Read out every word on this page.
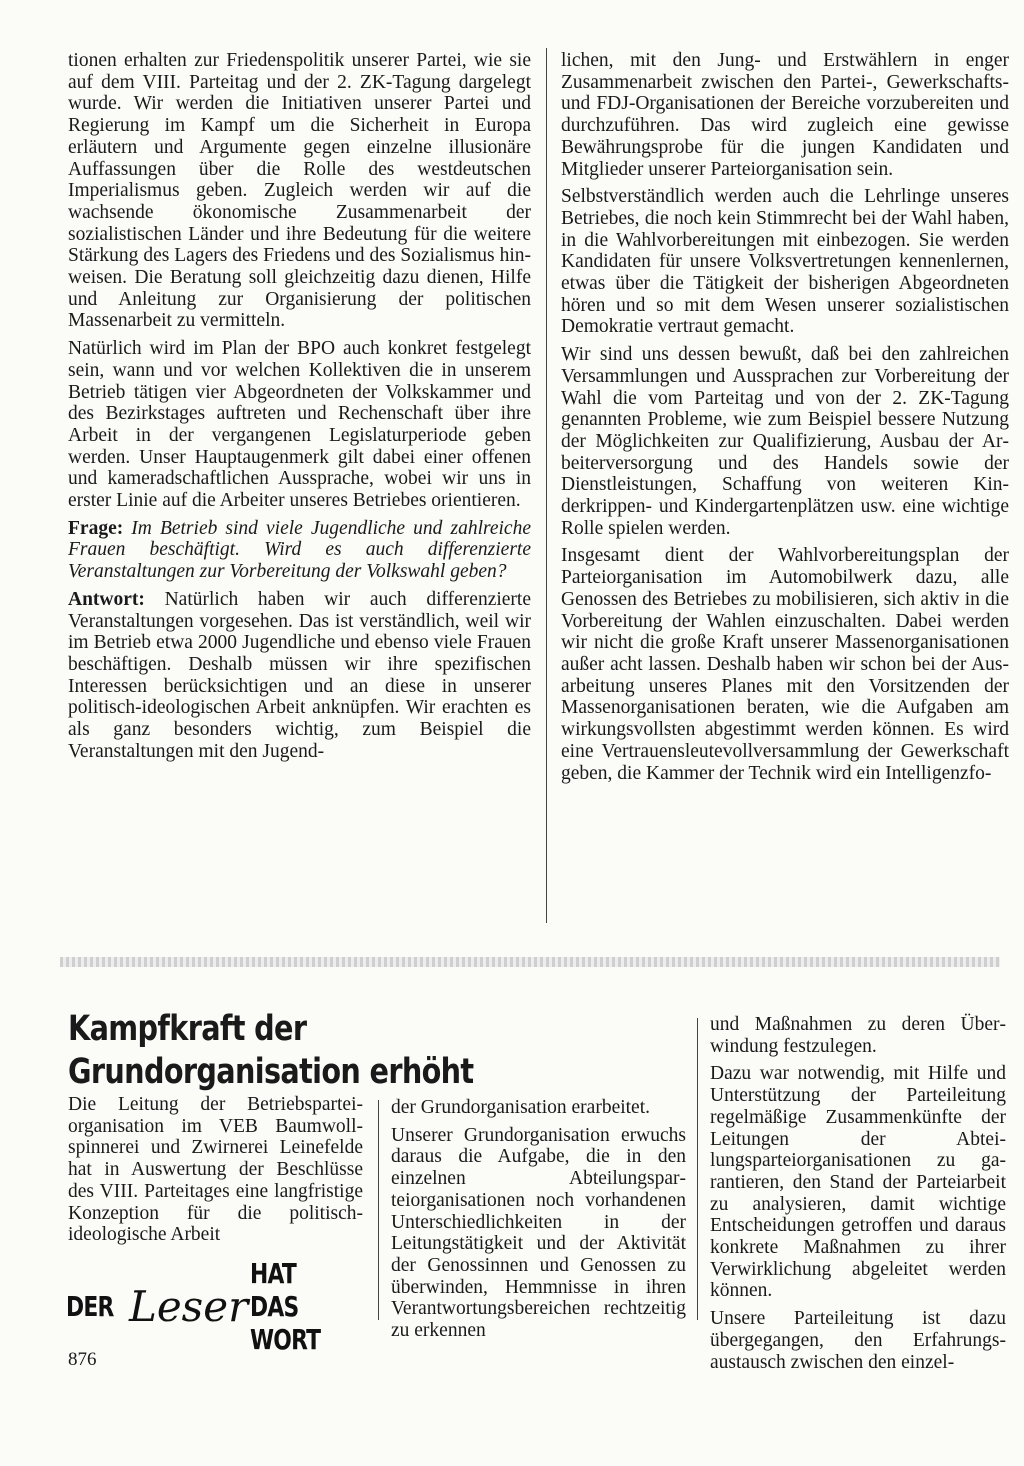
tionen erhalten zur Friedenspolitik unserer Partei, wie sie auf dem VIII. Parteitag und der 2. ZK-Tagung dargelegt wurde. Wir werden die Initiativen unserer Partei und Regierung im Kampf um die Sicherheit in Europa erläutern und Argumente gegen einzelne illusionäre Auffassungen über die Rolle des westdeutschen Imperialismus geben. Zugleich werden wir auf die wachsende ökonomische Zusammenarbeit der sozialistischen Länder und ihre Bedeutung für die weitere Stärkung des Lagers des Friedens und des Sozialismus hinweisen. Die Beratung soll gleichzeitig dazu dienen, Hilfe und Anleitung zur Organisierung der politischen Massenarbeit zu vermitteln.

Natürlich wird im Plan der BPO auch konkret festgelegt sein, wann und vor welchen Kollektiven die in unserem Betrieb tätigen vier Abgeordneten der Volkskammer und des Bezirkstages auftreten und Rechenschaft über ihre Arbeit in der vergangenen Legislaturperiode geben werden. Unser Hauptaugenmerk gilt dabei einer offenen und kameradschaftlichen Aussprache, wobei wir uns in erster Linie auf die Arbeiter unseres Betriebes orientieren.

Frage: Im Betrieb sind viele Jugendliche und zahlreiche Frauen beschäftigt. Wird es auch differenzierte Veranstaltungen zur Vorbereitung der Volkswahl geben?

Antwort: Natürlich haben wir auch differenzierte Veranstaltungen vorgesehen. Das ist verständlich, weil wir im Betrieb etwa 2000 Jugendliche und ebenso viele Frauen beschäftigen. Deshalb müssen wir ihre spezifischen Interessen berücksichtigen und an diese in unserer politisch-ideologischen Arbeit anknüpfen. Wir erachten es als ganz besonders wichtig, zum Beispiel die Veranstaltungen mit den Jugend-

lichen, mit den Jung- und Erstwählern in enger Zusammenarbeit zwischen den Partei-, Gewerkschafts- und FDJ-Organisationen der Bereiche vorzubereiten und durchzuführen. Das wird zugleich eine gewisse Bewährungsprobe für die jungen Kandidaten und Mitglieder unserer Parteiorganisation sein.

Selbstverständlich werden auch die Lehrlinge unseres Betriebes, die noch kein Stimmrecht bei der Wahl haben, in die Wahlvorbereitungen mit einbezogen. Sie werden Kandidaten für unsere Volksvertretungen kennenlernen, etwas über die Tätigkeit der bisherigen Abgeordneten hören und so mit dem Wesen unserer sozialistischen Demokratie vertraut gemacht.

Wir sind uns dessen bewußt, daß bei den zahlreichen Versammlungen und Aussprachen zur Vorbereitung der Wahl die vom Parteitag und von der 2. ZK-Tagung genannten Probleme, wie zum Beispiel bessere Nutzung der Möglichkeiten zur Qualifizierung, Ausbau der Arbeiterversorgung und des Handels sowie der Dienstleistungen, Schaffung von weiteren Kinderkrippen- und Kindergartenplätzen usw. eine wichtige Rolle spielen werden.

Insgesamt dient der Wahlvorbereitungsplan der Parteiorganisation im Automobilwerk dazu, alle Genossen des Betriebes zu mobilisieren, sich aktiv in die Vorbereitung der Wahlen einzuschalten. Dabei werden wir nicht die große Kraft unserer Massenorganisationen außer acht lassen. Deshalb haben wir schon bei der Ausarbeitung unseres Planes mit den Vorsitzenden der Massenorganisationen beraten, wie die Aufgaben am wirkungsvollsten abgestimmt werden können. Es wird eine Vertrauensleutevollversammlung der Gewerkschaft geben, die Kammer der Technik wird ein Intelligenzfo-

Kampfkraft der
Grundorganisation erhöht

Die Leitung der Betriebsparteiorganisation im VEB Baumwollspinnerei und Zwirnerei Leinefelde hat in Auswertung der Beschlüsse des VIII. Parteitages eine langfristige Konzeption für die politisch-ideologische Arbeit

der Grundorganisation erarbeitet.

Unserer Grundorganisation erwuchs daraus die Aufgabe, die in den einzelnen Abteilungsparteiorganisationen noch vorhandenen Unterschiedlichkeiten in der Leitungstätigkeit und der Aktivität der Genossinnen und Genossen zu überwinden, Hemmnisse in ihren Verantwortungsbereichen rechtzeitig zu erkennen

und Maßnahmen zu deren Überwindung festzulegen.

Dazu war notwendig, mit Hilfe und Unterstützung der Parteileitung regelmäßige Zusammenkünfte der Leitungen der Abteilungsparteiorganisationen zu garantieren, den Stand der Parteiarbeit zu analysieren, damit wichtige Entscheidungen getroffen und daraus konkrete Maßnahmen zu ihrer Verwirklichung abgeleitet werden können.

Unsere Parteileitung ist dazu übergegangen, den Erfahrungsaustausch zwischen den einzel-

DER Leser
HAT DAS WORT
876
